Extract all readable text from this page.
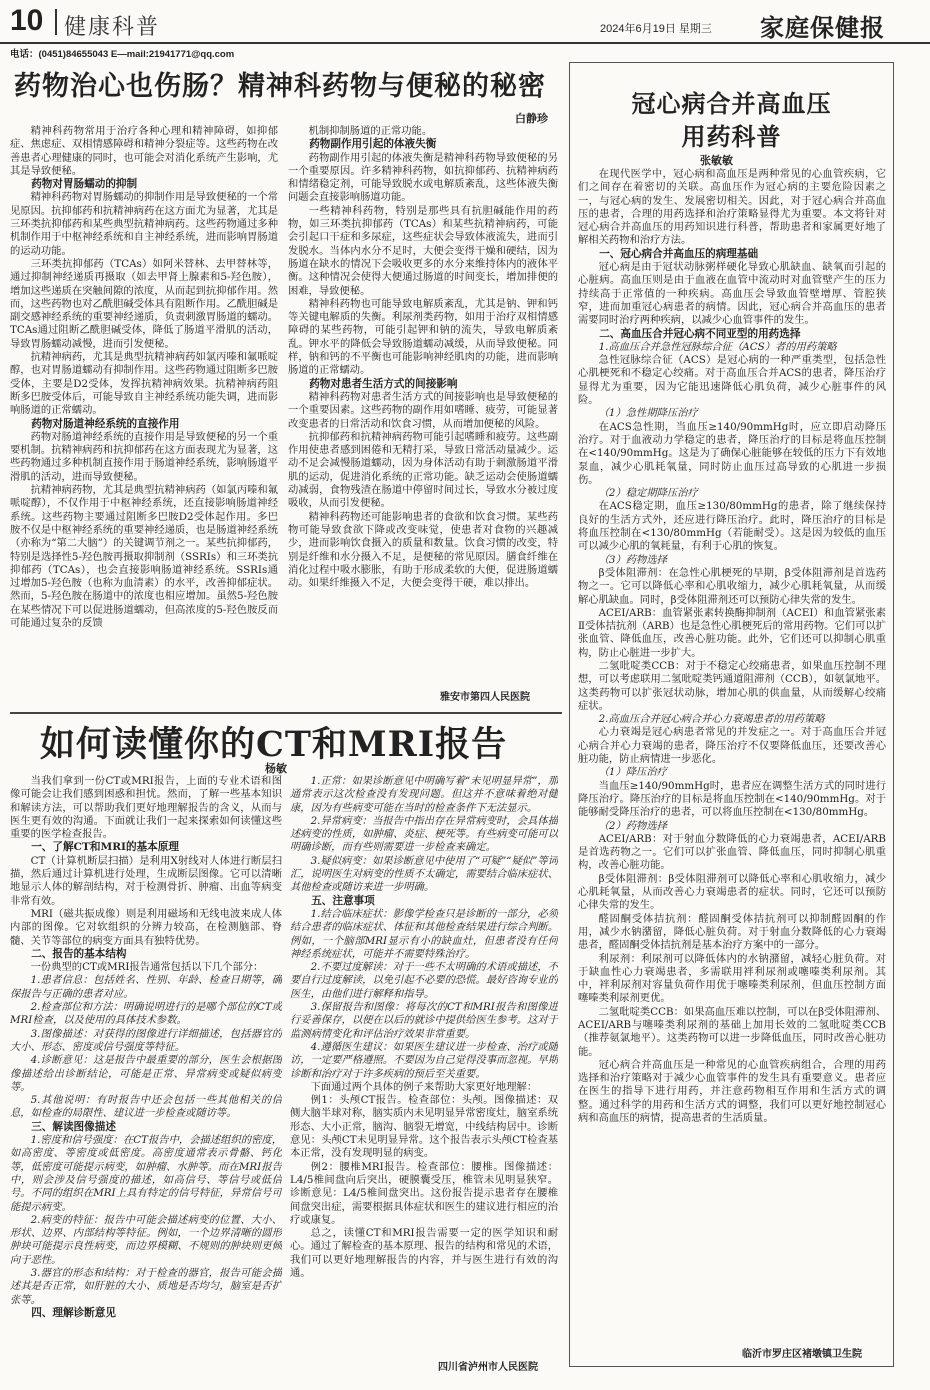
10 健康科普	2024年6月19日 星期三 家庭保健报
电话：(0451)84655043 E—mail:21941771@qq.com
药物治心也伤肠？精神科药物与便秘的秘密
白静珍

精神科药物常用于治疗各种心理和精神障碍，如抑郁症、焦虑症、双相情感障碍和精神分裂症等。这些药物在改善患者心理健康的同时，也可能会对消化系统产生影响，尤其是导致便秘。

药物对胃肠蠕动的抑制

精神科药物对胃肠蠕动的抑制作用是导致便秘的一个常见原因。抗抑郁药和抗精神病药在这方面尤为显著，尤其是三环类抗抑郁药和某些典型抗精神病药。这些药物通过多种机制作用于中枢神经系统和自主神经系统，进而影响胃肠道的运动功能。

三环类抗抑郁药（TCAs）如阿米替林、去甲替林等，通过抑制神经递质再摄取（如去甲肾上腺素和5-羟色胺），增加这些递质在突触间隙的浓度，从而起到抗抑郁作用。然而，这些药物也对乙酰胆碱受体具有阻断作用。乙酰胆碱是副交感神经系统的重要神经递质，负责刺激胃肠道的蠕动。TCAs通过阻断乙酰胆碱受体，降低了肠道平滑肌的活动，导致胃肠蠕动减慢，进而引发便秘。

抗精神病药，尤其是典型抗精神病药如氯丙嗪和氟哌啶醇，也对胃肠道蠕动有抑制作用。这些药物通过阻断多巴胺受体，主要是D2受体，发挥抗精神病效果。抗精神病药阻断多巴胺受体后，可能导致自主神经系统功能失调，进而影响肠道的正常蠕动。

药物对肠道神经系统的直接作用

药物对肠道神经系统的直接作用是导致便秘的另一个重要机制。抗精神病药和抗抑郁药在这方面表现尤为显著，这些药物通过多种机制直接作用于肠道神经系统，影响肠道平滑肌的活动，进而导致便秘。

抗精神病药物，尤其是典型抗精神病药（如氯丙嗪和氟哌啶醇），不仅作用于中枢神经系统，还直接影响肠道神经系统。这些药物主要通过阻断多巴胺D2受体起作用。多巴胺不仅是中枢神经系统的重要神经递质，也是肠道神经系统（亦称为“第二大脑”）的关键调节剂之一。某些抗抑郁药，特别是选择性5-羟色胺再摄取抑制剂（SSRIs）和三环类抗抑郁药（TCAs），也会直接影响肠道神经系统。SSRIs通过增加5-羟色胺（也称为血清素）的水平，改善抑郁症状。然而，5-羟色胺在肠道中的浓度也相应增加。虽然5-羟色胺在某些情况下可以促进肠道蠕动，但高浓度的5-羟色胺反而可能通过复杂的反馈

机制抑制肠道的正常功能。

药物副作用引起的体液失衡

药物副作用引起的体液失衡是精神科药物导致便秘的另一个重要原因。许多精神科药物，如抗抑郁药、抗精神病药和情绪稳定剂，可能导致脱水或电解质紊乱，这些体液失衡问题会直接影响肠道功能。

一些精神科药物，特别是那些具有抗胆碱能作用的药物，如三环类抗抑郁药（TCAs）和某些抗精神病药，可能会引起口干症和多尿症，这些症状会导致体液流失，进而引发脱水。当体内水分不足时，大便会变得干燥和硬结，因为肠道在缺水的情况下会吸收更多的水分来维持体内的液体平衡。这种情况会使得大便通过肠道的时间变长，增加排便的困难，导致便秘。

精神科药物也可能导致电解质紊乱，尤其是钠、钾和钙等关键电解质的失衡。利尿剂类药物，如用于治疗双相情感障碍的某些药物，可能引起钾和钠的流失，导致电解质紊乱。钾水平的降低会导致肠道蠕动减缓，从而导致便秘。同样，钠和钙的不平衡也可能影响神经肌肉的功能，进而影响肠道的正常蠕动。

药物对患者生活方式的间接影响

精神科药物对患者生活方式的间接影响也是导致便秘的一个重要因素。这些药物的副作用如嗜睡、疲劳，可能显著改变患者的日常活动和饮食习惯，从而增加便秘的风险。

抗抑郁药和抗精神病药物可能引起嗜睡和疲劳。这些副作用使患者感到困倦和无精打采，导致日常活动量减少。运动不足会减慢肠道蠕动，因为身体活动有助于刺激肠道平滑肌的运动，促进消化系统的正常功能。缺乏运动会使肠道蠕动减弱，食物残渣在肠道中停留时间过长，导致水分被过度吸收，从而引发便秘。

精神科药物还可能影响患者的食欲和饮食习惯。某些药物可能导致食欲下降或改变味觉，使患者对食物的兴趣减少，进而影响饮食摄入的质量和数量。饮食习惯的改变，特别是纤维和水分摄入不足，是便秘的常见原因。膳食纤维在消化过程中吸水膨胀，有助于形成柔软的大便，促进肠道蠕动。如果纤维摄入不足，大便会变得干硬，难以排出。

雅安市第四人民医院
如何读懂你的CT和MRI报告
杨敏

当我们拿到一份CT或MRI报告，上面的专业术语和图像可能会让我们感到困惑和担忧。然而，了解一些基本知识和解读方法，可以帮助我们更好地理解报告的含义，从而与医生更有效的沟通。下面就让我们一起来探索如何读懂这些重要的医学检查报告。

一、了解CT和MRI的基本原理

CT（计算机断层扫描）是利用X射线对人体进行断层扫描，然后通过计算机进行处理，生成断层图像。它可以清晰地显示人体的解剖结构，对于检测骨折、肿瘤、出血等病变非常有效。

MRI（磁共振成像）则是利用磁场和无线电波来成人体内部的图像。它对软组织的分辨力较高，在检测脑部、脊髓、关节等部位的病变方面具有独特优势。

二、报告的基本结构

一份典型的CT或MRI报告通常包括以下几个部分：

1.患者信息：包括姓名、性别、年龄、检查日期等，确保报告与正确的患者对应。

2.检查部位和方法：明确说明进行的是哪个部位的CT或MRI检查，以及使用的具体技术参数。

3.图像描述：对获得的图像进行详细描述，包括器官的大小、形态、密度或信号强度等特征。

4.诊断意见：这是报告中最重要的部分，医生会根据图像描述给出诊断结论，可能是正常、异常病变或疑似病变等。

5.其他说明：有时报告中还会包括一些其他相关的信息，如检查的局限性、建议进一步检查或随访等。

三、解读图像描述

1.密度和信号强度：在CT报告中，会描述组织的密度，如高密度、等密度或低密度。高密度通常表示骨骼、钙化等，低密度可能提示病变，如肿瘤、水肿等。而在MRI报告中，则会涉及信号强度的描述，如高信号、等信号或低信号。不同的组织在MRI上具有特定的信号特征，异常信号可能提示病变。

2.病变的特征：报告中可能会描述病变的位置、大小、形状、边界、内部结构等特征。例如，一个边界清晰的圆形肿块可能提示良性病变，而边界模糊、不规则的肿块则更倾向于恶性。

3.器官的形态和结构：对于检查的器官，报告可能会描述其是否正常，如肝脏的大小、质地是否均匀，脑室是否扩张等。

四、理解诊断意见

1.正常：如果诊断意见中明确写着“未见明显异常”，那通常表示这次检查没有发现问题。但这并不意味着绝对健康，因为有些病变可能在当时的检查条件下无法显示。

2.异常病变：当报告中指出存在异常病变时，会具体描述病变的性质，如肿瘤、炎症、梗死等。有些病变可能可以明确诊断，而有些则需要进一步检查来确定。

3.疑似病变：如果诊断意见中使用了“可疑”“疑似”等词汇，说明医生对病变的性质不太确定，需要结合临床症状、其他检查或随访来进一步明确。

五、注意事项

1.结合临床症状：影像学检查只是诊断的一部分，必须结合患者的临床症状、体征和其他检查结果进行综合判断。例如，一个脑部MRI显示有小的缺血灶，但患者没有任何神经系统症状，可能并不需要特殊治疗。

2.不要过度解读：对于一些不太明确的术语或描述，不要自行过度解读，以免引起不必要的恐慌。最好咨询专业的医生，由他们进行解释和指导。

3.保留报告和图像：将每次的CT和MRI报告和图像进行妥善保存，以便在以后的就诊中提供给医生参考。这对于监测病情变化和评估治疗效果非常重要。

4.遵循医生建议：如果医生建议进一步检查、治疗或随访，一定要严格遵照。不要因为自己觉得没事而忽视。早期诊断和治疗对于许多疾病的预后至关重要。

下面通过两个具体的例子来帮助大家更好地理解：

例1：头颅CT报告。检查部位：头颅。图像描述：双侧大脑半球对称，脑实质内未见明显异常密度灶，脑室系统形态、大小正常，脑沟、脑裂无增宽，中线结构居中。诊断意见：头颅CT未见明显异常。这个报告表示头颅CT检查基本正常，没有发现明显的病变。

例2：腰椎MRI报告。检查部位：腰椎。图像描述：L4/5椎间盘向后突出，硬膜囊受压，椎管未见明显狭窄。诊断意见：L4/5椎间盘突出。这份报告提示患者存在腰椎间盘突出症，需要根据具体症状和医生的建议进行相应的治疗或康复。

总之，读懂CT和MRI报告需要一定的医学知识和耐心。通过了解检查的基本原理、报告的结构和常见的术语，我们可以更好地理解报告的内容，并与医生进行有效的沟通。

四川省泸州市人民医院
冠心病合并高血压
用药科普
张敏敏

在现代医学中，冠心病和高血压是两种常见的心血管疾病，它们之间存在着密切的关联。高血压作为冠心病的主要危险因素之一，与冠心病的发生、发展密切相关。因此，对于冠心病合并高血压的患者，合理的用药选择和治疗策略显得尤为重要。本文将针对冠心病合并高血压的用药知识进行科普，帮助患者和家属更好地了解相关药物和治疗方法。

一、冠心病合并高血压的病理基础

冠心病是由于冠状动脉粥样硬化导致心肌缺血、缺氧而引起的心脏病。高血压则是由于血液在血管中流动时对血管壁产生的压力持续高于正常值的一种疾病。高血压会导致血管壁增厚、管腔狭窄，进而加重冠心病患者的病情。因此，冠心病合并高血压的患者需要同时治疗两种疾病，以减少心血管事件的发生。

二、高血压合并冠心病不同亚型的用药选择

1.高血压合并急性冠脉综合征（ACS）者的用药策略

急性冠脉综合征（ACS）是冠心病的一种严重类型，包括急性心肌梗死和不稳定心绞痛。对于高血压合并ACS的患者，降压治疗显得尤为重要，因为它能迅速降低心肌负荷，减少心脏事件的风险。

（1）急性期降压治疗

在ACS急性期，当血压≥140/90mmHg时，应立即启动降压治疗。对于血液动力学稳定的患者，降压治疗的目标是将血压控制在<140/90mmHg。这是为了确保心脏能够在较低的压力下有效地泵血，减少心肌耗氧量，同时防止血压过高导致的心肌进一步损伤。

（2）稳定期降压治疗

在ACS稳定期，血压≥130/80mmHg的患者，除了继续保持良好的生活方式外，还应进行降压治疗。此时，降压治疗的目标是将血压控制在<130/80mmHg（若能耐受）。这是因为较低的血压可以减少心肌的氧耗量，有利于心肌的恢复。

（3）药物选择

β受体阻滞剂：在急性心肌梗死的早期，β受体阻滞剂是首选药物之一。它可以降低心率和心肌收缩力，减少心肌耗氧量，从而缓解心肌缺血。同时，β受体阻滞剂还可以预防心律失常的发生。

ACEI/ARB：血管紧张素转换酶抑制剂（ACEI）和血管紧张素Ⅱ受体拮抗剂（ARB）也是急性心肌梗死后的常用药物。它们可以扩张血管、降低血压，改善心脏功能。此外，它们还可以抑制心肌重构，防止心脏进一步扩大。

二氢吡啶类CCB：对于不稳定心绞痛患者，如果血压控制不理想，可以考虑联用二氢吡啶类钙通道阻滞剂（CCB），如氨氯地平。这类药物可以扩张冠状动脉，增加心肌的供血量，从而缓解心绞痛症状。

2.高血压合并冠心病合并心力衰竭患者的用药策略

心力衰竭是冠心病患者常见的并发症之一。对于高血压合并冠心病合并心力衰竭的患者，降压治疗不仅要降低血压，还要改善心脏功能，防止病情进一步恶化。

（1）降压治疗

当血压≥140/90mmHg时，患者应在调整生活方式的同时进行降压治疗。降压治疗的目标是将血压控制在<140/90mmHg。对于能够耐受降压治疗的患者，可以将血压控制在<130/80mmHg。

（2）药物选择

ACEI/ARB：对于射血分数降低的心力衰竭患者，ACEI/ARB是首选药物之一。它们可以扩张血管、降低血压，同时抑制心肌重构，改善心脏功能。

β受体阻滞剂：β受体阻滞剂可以降低心率和心肌收缩力，减少心肌耗氧量，从而改善心力衰竭患者的症状。同时，它还可以预防心律失常的发生。

醛固酮受体拮抗剂：醛固酮受体拮抗剂可以抑制醛固酮的作用，减少水钠潴留，降低心脏负荷。对于射血分数降低的心力衰竭患者，醛固酮受体拮抗剂是基本治疗方案中的一部分。

利尿剂：利尿剂可以降低体内的水钠潴留，减轻心脏负荷。对于缺血性心力衰竭患者，多需联用袢利尿剂或噻嗪类利尿剂。其中，袢利尿剂对容量负荷作用优于噻嗪类利尿剂，但血压控制方面噻嗪类利尿剂更优。

二氢吡啶类CCB：如果高血压难以控制，可以在β受体阻滞剂、ACEI/ARB与噻嗪类利尿剂的基础上加用长效的二氢吡啶类CCB（推荐氨氯地平）。这类药物可以进一步降低血压，同时改善心脏功能。

冠心病合并高血压是一种常见的心血管疾病组合，合理的用药选择和治疗策略对于减少心血管事件的发生具有重要意义。患者应在医生的指导下进行用药，并注意药物相互作用和生活方式的调整。通过科学的用药和生活方式的调整，我们可以更好地控制冠心病和高血压的病情，提高患者的生活质量。

临沂市罗庄区褚墩镇卫生院
